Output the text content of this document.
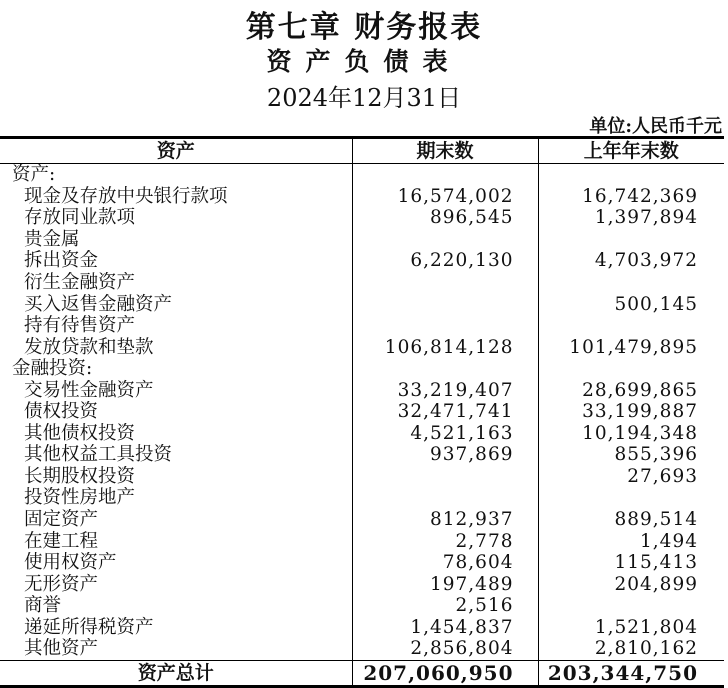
第七章 财务报表
资产负债表
2024年12月31日
单位:人民币千元
资产	期末数	上年年末数
资产:		
现金及存放中央银行款项	16,574,002	16,742,369
存放同业款项	896,545	1,397,894
贵金属		
拆出资金	6,220,130	4,703,972
衍生金融资产		
买入返售金融资产		500,145
持有待售资产		
发放贷款和垫款	106,814,128	101,479,895
金融投资:		
交易性金融资产	33,219,407	28,699,865
债权投资	32,471,741	33,199,887
其他债权投资	4,521,163	10,194,348
其他权益工具投资	937,869	855,396
长期股权投资		27,693
投资性房地产		
固定资产	812,937	889,514
在建工程	2,778	1,494
使用权资产	78,604	115,413
无形资产	197,489	204,899
商誉	2,516	
递延所得税资产	1,454,837	1,521,804
其他资产	2,856,804	2,810,162
资产总计	207,060,950	203,344,750
